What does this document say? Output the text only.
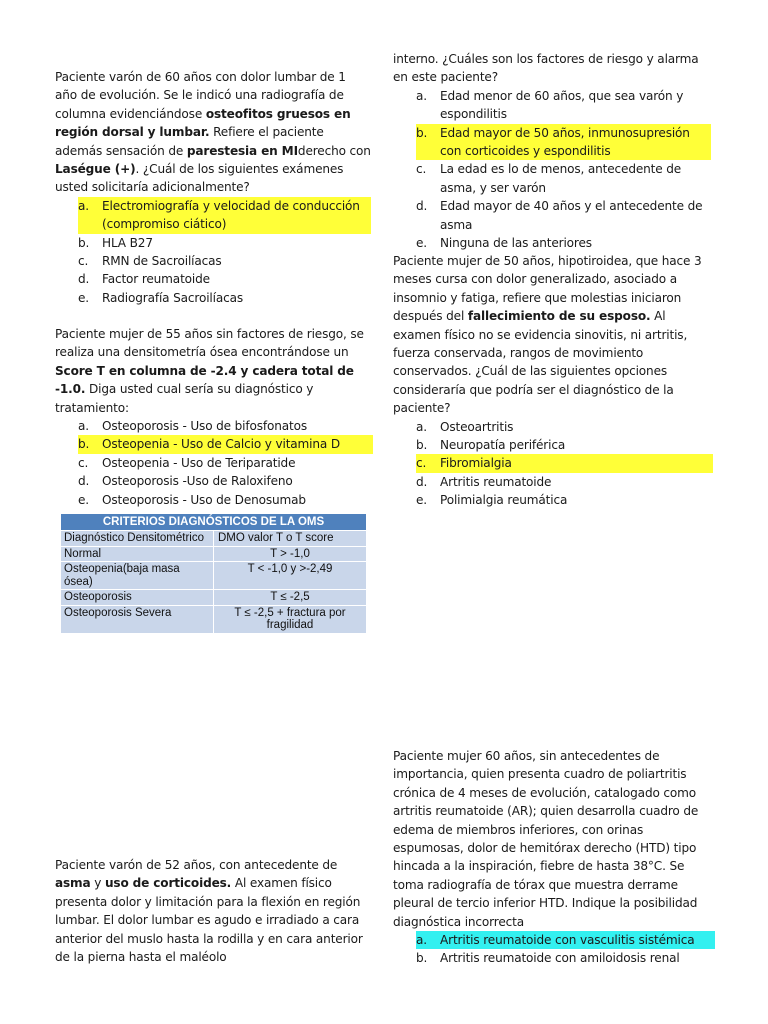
Paciente varón de 60 años con dolor lumbar de 1 año de evolución. Se le indicó una radiografía de columna evidenciándose osteofitos gruesos en región dorsal y lumbar. Refiere el paciente además sensación de parestesia en MIderecho con Laségue (+). ¿Cuál de los siguientes exámenes usted solicitaría adicionalmente?

a.	Electromiografía y velocidad de conducción (compromiso ciático)
b.	HLA B27
c.	RMN de Sacroilíacas
d.	Factor reumatoide
e.	Radiografía Sacroilíacas

Paciente mujer de 55 años sin factores de riesgo, se realiza una densitometría ósea encontrándose un Score T en columna de -2.4 y cadera total de -1.0. Diga usted cual sería su diagnóstico y tratamiento:

a.	Osteoporosis - Uso de bifosfonatos
b.	Osteopenia - Uso de Calcio y vitamina D
c.	Osteopenia - Uso de Teriparatide
d.	Osteoporosis -Uso de Raloxifeno
e.	Osteoporosis - Uso de Denosumab
CRITERIOS DIAGNÓSTICOS DE LA OMS	
Diagnóstico Densitométrico	DMO valor T o T score
Normal	T > -1,0
Osteopenia(baja masa ósea)	T < -1,0 y >-2,49
Osteoporosis	T ≤ -2,5
Osteoporosis Severa	T ≤ -2,5 + fractura por fragilidad

Paciente varón de 52 años, con antecedente de asma y uso de corticoides. Al examen físico presenta dolor y limitación para la flexión en región lumbar. El dolor lumbar es agudo e irradiado a cara anterior del muslo hasta la rodilla y en cara anterior de la pierna hasta el maléolo

interno. ¿Cuáles son los factores de riesgo y alarma en este paciente?

a.	Edad menor de 60 años, que sea varón y espondilitis
b.	Edad mayor de 50 años, inmunosupresión con corticoides y espondilitis
c.	La edad es lo de menos, antecedente de asma, y ser varón
d.	Edad mayor de 40 años y el antecedente de asma
e.	Ninguna de las anteriores

Paciente mujer de 50 años, hipotiroidea, que hace 3 meses cursa con dolor generalizado, asociado a insomnio y fatiga, refiere que molestias iniciaron después del fallecimiento de su esposo. Al examen físico no se evidencia sinovitis, ni artritis, fuerza conservada, rangos de movimiento conservados. ¿Cuál de las siguientes opciones consideraría que podría ser el diagnóstico de la paciente?

a.	Osteoartritis
b.	Neuropatía periférica
c.	Fibromialgia
d.	Artritis reumatoide
e.	Polimialgia reumática

Paciente mujer 60 años, sin antecedentes de importancia, quien presenta cuadro de poliartritis crónica de 4 meses de evolución, catalogado como artritis reumatoide (AR); quien desarrolla cuadro de edema de miembros inferiores, con orinas espumosas, dolor de hemitórax derecho (HTD) tipo hincada a la inspiración, fiebre de hasta 38°C. Se toma radiografía de tórax que muestra derrame pleural de tercio inferior HTD. Indique la posibilidad diagnóstica incorrecta

a.	Artritis reumatoide con vasculitis sistémica
b.	Artritis reumatoide con amiloidosis renal
